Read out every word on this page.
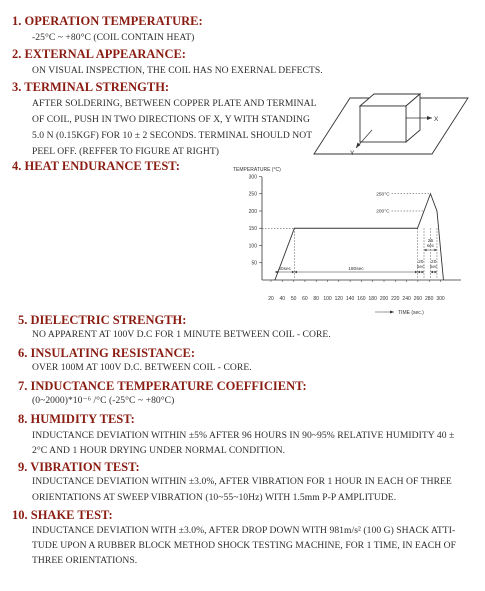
1. OPERATION TEMPERATURE:
-25°C ~ +80°C (COIL CONTAIN HEAT)
2. EXTERNAL APPEARANCE:
ON VISUAL INSPECTION, THE COIL HAS NO EXERNAL DEFECTS.
3. TERMINAL STRENGTH:
AFTER SOLDERING, BETWEEN COPPER PLATE AND TERMINAL
OF COIL, PUSH IN TWO DIRECTIONS OF X, Y WITH STANDING
5.0 N (0.15KGF) FOR 10 ± 2 SECONDS. TERMINAL SHOULD NOT
PEEL OFF. (REFFER TO FIGURE AT RIGHT)
X
Y
4. HEAT ENDURANCE TEST:	TEMPERATURE (°C)
300
250
200
150
100
50
20 40 50 60 80 100 120 140 160 180 200 220 240 260 280 300
250°C
200°C
40sec	180sec
25
sec
20
sec
20
sec
TIME (sec.)
5. DIELECTRIC STRENGTH:
NO APPARENT AT 100V D.C FOR 1 MINUTE BETWEEN COIL - CORE.
6. INSULATING RESISTANCE:
OVER 100M AT 100V D.C. BETWEEN COIL - CORE.
7. INDUCTANCE TEMPERATURE COEFFICIENT:
(0~2000)*10⁻⁶ /°C (-25°C ~ +80°C)
8. HUMIDITY TEST:
INDUCTANCE DEVIATION WITHIN ±5% AFTER 96 HOURS IN 90~95% RELATIVE HUMIDITY 40 ±
2°C AND 1 HOUR DRYING UNDER NORMAL CONDITION.
9. VIBRATION TEST:
INDUCTANCE DEVIATION WITHIN ±3.0%, AFTER VIBRATION FOR 1 HOUR IN EACH OF THREE
ORIENTATIONS AT SWEEP VIBRATION (10~55~10Hz) WITH 1.5mm P-P AMPLITUDE.
10. SHAKE TEST:
INDUCTANCE DEVIATION WITH ±3.0%, AFTER DROP DOWN WITH 981m/s² (100 G) SHACK ATTI-
TUDE UPON A RUBBER BLOCK METHOD SHOCK TESTING MACHINE, FOR 1 TIME, IN EACH OF
THREE ORIENTATIONS.
